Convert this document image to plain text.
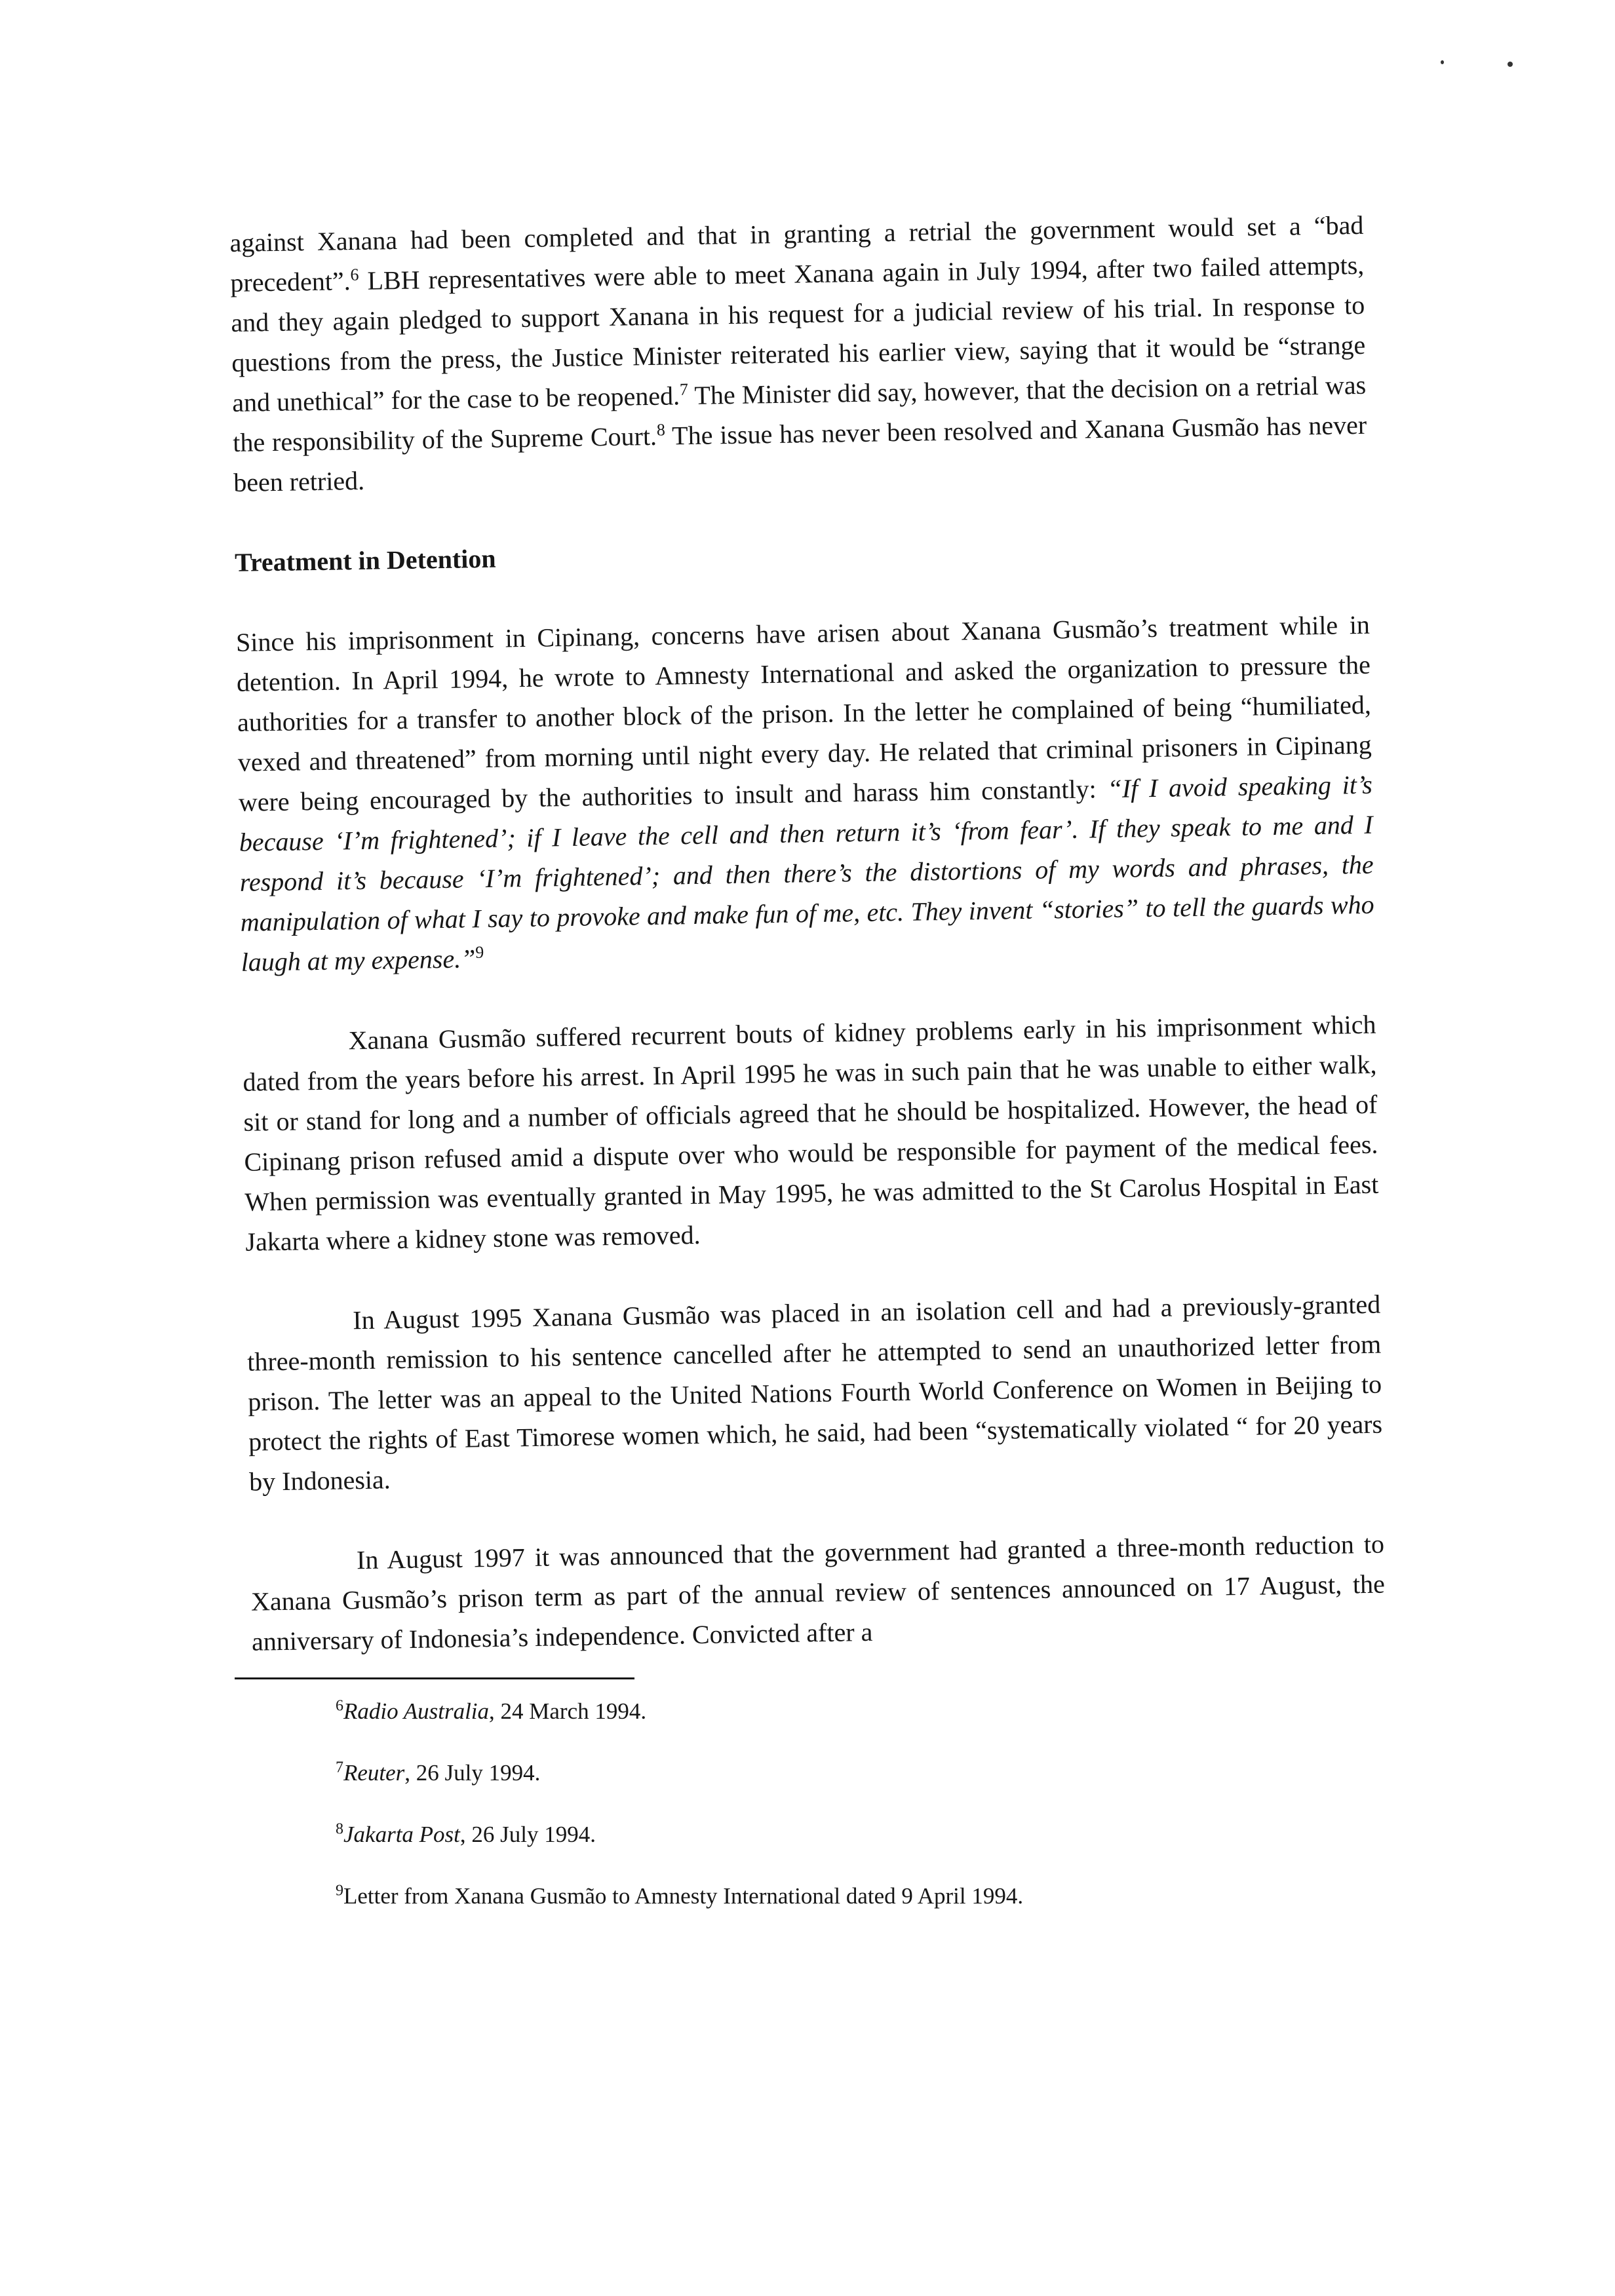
against Xanana had been completed and that in granting a retrial the government would set a “bad precedent”.$^6$ LBH representatives were able to meet Xanana again in July 1994, after two failed attempts, and they again pledged to support Xanana in his request for a judicial review of his trial. In response to questions from the press, the Justice Minister reiterated his earlier view, saying that it would be “strange and unethical” for the case to be reopened.$^7$ The Minister did say, however, that the decision on a retrial was the responsibility of the Supreme Court.$^8$ The issue has never been resolved and Xanana Gusmão has never been retried.

Treatment in Detention

Since his imprisonment in Cipinang, concerns have arisen about Xanana Gusmão’s treatment while in detention. In April 1994, he wrote to Amnesty International and asked the organization to pressure the authorities for a transfer to another block of the prison. In the letter he complained of being “humiliated, vexed and threatened” from morning until night every day. He related that criminal prisoners in Cipinang were being encouraged by the authorities to insult and harass him constantly: “If I avoid speaking it’s because ‘I’m frightened’; if I leave the cell and then return it’s ‘from fear’. If they speak to me and I respond it’s because ‘I’m frightened’; and then there’s the distortions of my words and phrases, the manipulation of what I say to provoke and make fun of me, etc. They invent “stories” to tell the guards who laugh at my expense.”$^9$

Xanana Gusmão suffered recurrent bouts of kidney problems early in his imprisonment which dated from the years before his arrest. In April 1995 he was in such pain that he was unable to either walk, sit or stand for long and a number of officials agreed that he should be hospitalized. However, the head of Cipinang prison refused amid a dispute over who would be responsible for payment of the medical fees. When permission was eventually granted in May 1995, he was admitted to the St Carolus Hospital in East Jakarta where a kidney stone was removed.

In August 1995 Xanana Gusmão was placed in an isolation cell and had a previously-granted three-month remission to his sentence cancelled after he attempted to send an unauthorized letter from prison. The letter was an appeal to the United Nations Fourth World Conference on Women in Beijing to protect the rights of East Timorese women which, he said, had been “systematically violated “ for 20 years by Indonesia.

In August 1997 it was announced that the government had granted a three-month reduction to Xanana Gusmão’s prison term as part of the annual review of sentences announced on 17 August, the anniversary of Indonesia’s independence. Convicted after a

$^6$Radio Australia, 24 March 1994.
$^7$Reuter, 26 July 1994.
$^8$Jakarta Post, 26 July 1994.
$^9$Letter from Xanana Gusmão to Amnesty International dated 9 April 1994.
